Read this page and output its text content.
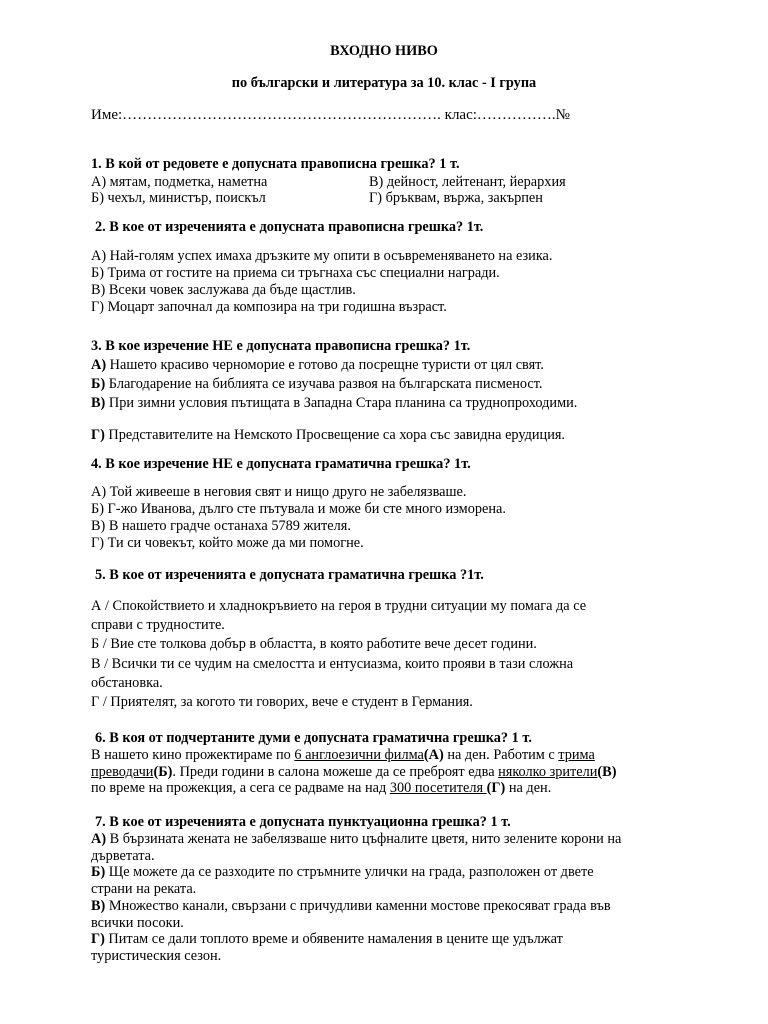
ВХОДНО НИВО
по български и литература за 10. клас - І група
Име:………………………………………………………. клас:…………….№
1. В кой от редовете е допусната правописна грешка? 1 т.
А) мятам, подметка, наметна	В) дейност, лейтенант, йерархия
Б) чехъл, министър, поискъл	Г) бръквам, вържа, закърпен
2. В кое от изреченията е допусната правописна грешка? 1т.
А) Най-голям успех имаха дръзките му опити в осъвременяването на езика.
Б) Трима от гостите на приема си тръгнаха със специални награди.
В) Всеки човек заслужава да бъде щастлив.
Г) Моцарт започнал да композира на три годишна възраст.
3. В кое изречение НЕ е допусната правописна грешка? 1т.
А) Нашето красиво черноморие е готово да посрещне туристи от цял свят.
Б) Благодарение на библията се изучава развоя на българската писменост.
В) При зимни условия пътищата в Западна Стара планина са труднопроходими.
Г) Представителите на Немското Просвещение са хора със завидна ерудиция.
4. В кое изречение НЕ е допусната граматична грешка? 1т.
А) Той живееше в неговия свят и нищо друго не забелязваше.
Б) Г-жо Иванова, дълго сте пътувала и може би сте много изморена.
В) В нашето градче останаха 5789 жителя.
Г) Ти си човекът, който може да ми помогне.
5. В кое от изреченията е допусната граматична грешка ?1т.
А / Спокойствието и хладнокръвието на героя в трудни ситуации му помага да се
справи с трудностите.
Б / Вие сте толкова добър в областта, в която работите вече десет години.
В / Всички ти се чудим на смелостта и ентусиазма, които прояви в тази сложна
обстановка.
Г / Приятелят, за когото ти говорих, вече е студент в Германия.
6. В коя от подчертаните думи е допусната граматична грешка? 1 т.
В нашето кино прожектираме по 6 англоезични филма(А) на ден. Работим с трима
преводачи(Б). Преди години в салона можеше да се преброят едва няколко зрители(В)
по време на прожекция, а сега се радваме на над 300 посетителя (Г) на ден.
7. В кое от изреченията е допусната пунктуационна грешка? 1 т.
А) В бързината жената не забелязваше нито цъфналите цветя, нито зелените корони на
дърветата.
Б) Ще можете да се разходите по стръмните улички на града, разположен от двете
страни на реката.
В) Множество канали, свързани с причудливи каменни мостове прекосяват града във
всички посоки.
Г) Питам се дали топлото време и обявените намаления в цените ще удължат
туристическия сезон.
